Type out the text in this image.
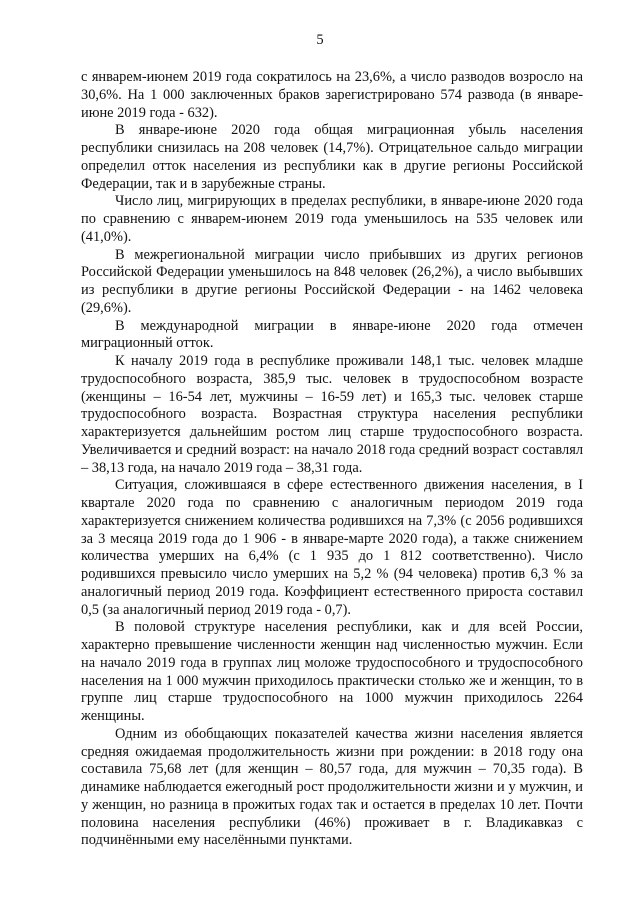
5

с январем-июнем 2019 года сократилось на 23,6%, а число разводов возросло на 30,6%. На 1 000 заключенных браков зарегистрировано 574 развода (в январе-июне 2019 года - 632).

В январе-июне 2020 года общая миграционная убыль населения республики снизилась на 208 человек (14,7%). Отрицательное сальдо миграции определил отток населения из республики как в другие регионы Российской Федерации, так и в зарубежные страны.

Число лиц, мигрирующих в пределах республики, в январе-июне 2020 года по сравнению с январем-июнем 2019 года уменьшилось на 535 человек или (41,0%).

В межрегиональной миграции число прибывших из других регионов Российской Федерации уменьшилось на 848 человек (26,2%), а число выбывших из республики в другие регионы Российской Федерации - на 1462 человека (29,6%).

В международной миграции в январе-июне 2020 года отмечен миграционный отток.

К началу 2019 года в республике проживали 148,1 тыс. человек младше трудоспособного возраста, 385,9 тыс. человек в трудоспособном возрасте (женщины – 16-54 лет, мужчины – 16-59 лет) и 165,3 тыс. человек старше трудоспособного возраста. Возрастная структура населения республики характеризуется дальнейшим ростом лиц старше трудоспособного возраста. Увеличивается и средний возраст: на начало 2018 года средний возраст составлял – 38,13 года, на начало 2019 года – 38,31 года.

Ситуация, сложившаяся в сфере естественного движения населения, в I квартале 2020 года по сравнению с аналогичным периодом 2019 года характеризуется снижением количества родившихся на 7,3% (с 2056 родившихся за 3 месяца 2019 года до 1 906 - в январе-марте 2020 года), а также снижением количества умерших на 6,4% (с 1 935 до 1 812 соответственно). Число родившихся превысило число умерших на 5,2 % (94 человека) против 6,3 % за аналогичный период 2019 года. Коэффициент естественного прироста составил 0,5 (за аналогичный период 2019 года - 0,7).

В половой структуре населения республики, как и для всей России, характерно превышение численности женщин над численностью мужчин. Если на начало 2019 года в группах лиц моложе трудоспособного и трудоспособного населения на 1 000 мужчин приходилось практически столько же и женщин, то в группе лиц старше трудоспособного на 1000 мужчин приходилось 2264 женщины.

Одним из обобщающих показателей качества жизни населения является средняя ожидаемая продолжительность жизни при рождении: в 2018 году она составила 75,68 лет (для женщин – 80,57 года, для мужчин – 70,35 года). В динамике наблюдается ежегодный рост продолжительности жизни и у мужчин, и у женщин, но разница в прожитых годах так и остается в пределах 10 лет. Почти половина населения республики (46%) проживает в г. Владикавказ с подчинёнными ему населёнными пунктами.
